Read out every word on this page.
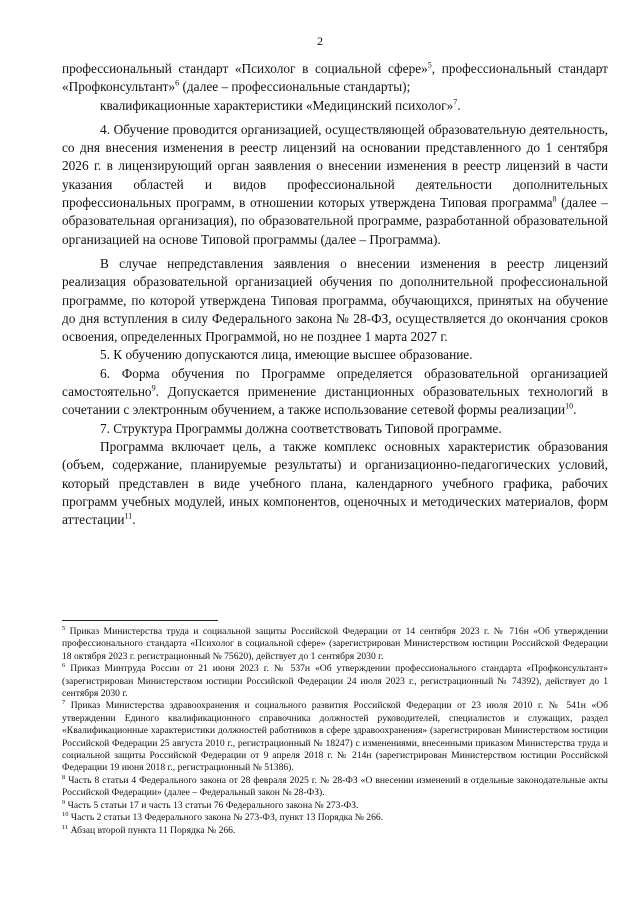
2

профессиональный стандарт «Психолог в социальной сфере»$^5$, профессиональный стандарт «Профконсультант»$^6$ (далее – профессиональные стандарты);

квалификационные характеристики «Медицинский психолог»$^7$.

4. Обучение проводится организацией, осуществляющей образовательную деятельность, со дня внесения изменения в реестр лицензий на основании представленного до 1 сентября 2026 г. в лицензирующий орган заявления о внесении изменения в реестр лицензий в части указания областей и видов профессиональной деятельности дополнительных профессиональных программ, в отношении которых утверждена Типовая программа$^8$ (далее – образовательная организация), по образовательной программе, разработанной образовательной организацией на основе Типовой программы (далее – Программа).

В случае непредставления заявления о внесении изменения в реестр лицензий реализация образовательной организацией обучения по дополнительной профессиональной программе, по которой утверждена Типовая программа, обучающихся, принятых на обучение до дня вступления в силу Федерального закона № 28-ФЗ, осуществляется до окончания сроков освоения, определенных Программой, но не позднее 1 марта 2027 г.

5. К обучению допускаются лица, имеющие высшее образование.

6. Форма обучения по Программе определяется образовательной организацией самостоятельно$^9$. Допускается применение дистанционных образовательных технологий в сочетании с электронным обучением, а также использование сетевой формы реализации$^{10}$.

7. Структура Программы должна соответствовать Типовой программе.

Программа включает цель, а также комплекс основных характеристик образования (объем, содержание, планируемые результаты) и организационно-педагогических условий, который представлен в виде учебного плана, календарного учебного графика, рабочих программ учебных модулей, иных компонентов, оценочных и методических материалов, форм аттестации$^{11}$.

$^5$ Приказ Министерства труда и социальной защиты Российской Федерации от 14 сентября 2023 г. № 716н «Об утверждении профессионального стандарта «Психолог в социальной сфере» (зарегистрирован Министерством юстиции Российской Федерации 18 октября 2023 г. регистрационный № 75620), действует до 1 сентября 2030 г.

$^6$ Приказ Минтруда России от 21 июня 2023 г. № 537н «Об утверждении профессионального стандарта «Профконсультант» (зарегистрирован Министерством юстиции Российской Федерации 24 июля 2023 г., регистрационный № 74392), действует до 1 сентября 2030 г.

$^7$ Приказ Министерства здравоохранения и социального развития Российской Федерации от 23 июля 2010 г. № 541н «Об утверждении Единого квалификационного справочника должностей руководителей, специалистов и служащих, раздел «Квалификационные характеристики должностей работников в сфере здравоохранения» (зарегистрирован Министерством юстиции Российской Федерации 25 августа 2010 г., регистрационный № 18247) с изменениями, внесенными приказом Министерства труда и социальной защиты Российской Федерации от 9 апреля 2018 г. № 214н (зарегистрирован Министерством юстиции Российской Федерации 19 июня 2018 г., регистрационный № 51386).

$^8$ Часть 8 статьи 4 Федерального закона от 28 февраля 2025 г. № 28-ФЗ «О внесении изменений в отдельные законодательные акты Российской Федерации» (далее – Федеральный закон № 28-ФЗ).

$^9$ Часть 5 статьи 17 и часть 13 статьи 76 Федерального закона № 273-ФЗ.

$^{10}$ Часть 2 статьи 13 Федерального закона № 273-ФЗ, пункт 13 Порядка № 266.

$^{11}$ Абзац второй пункта 11 Порядка № 266.
